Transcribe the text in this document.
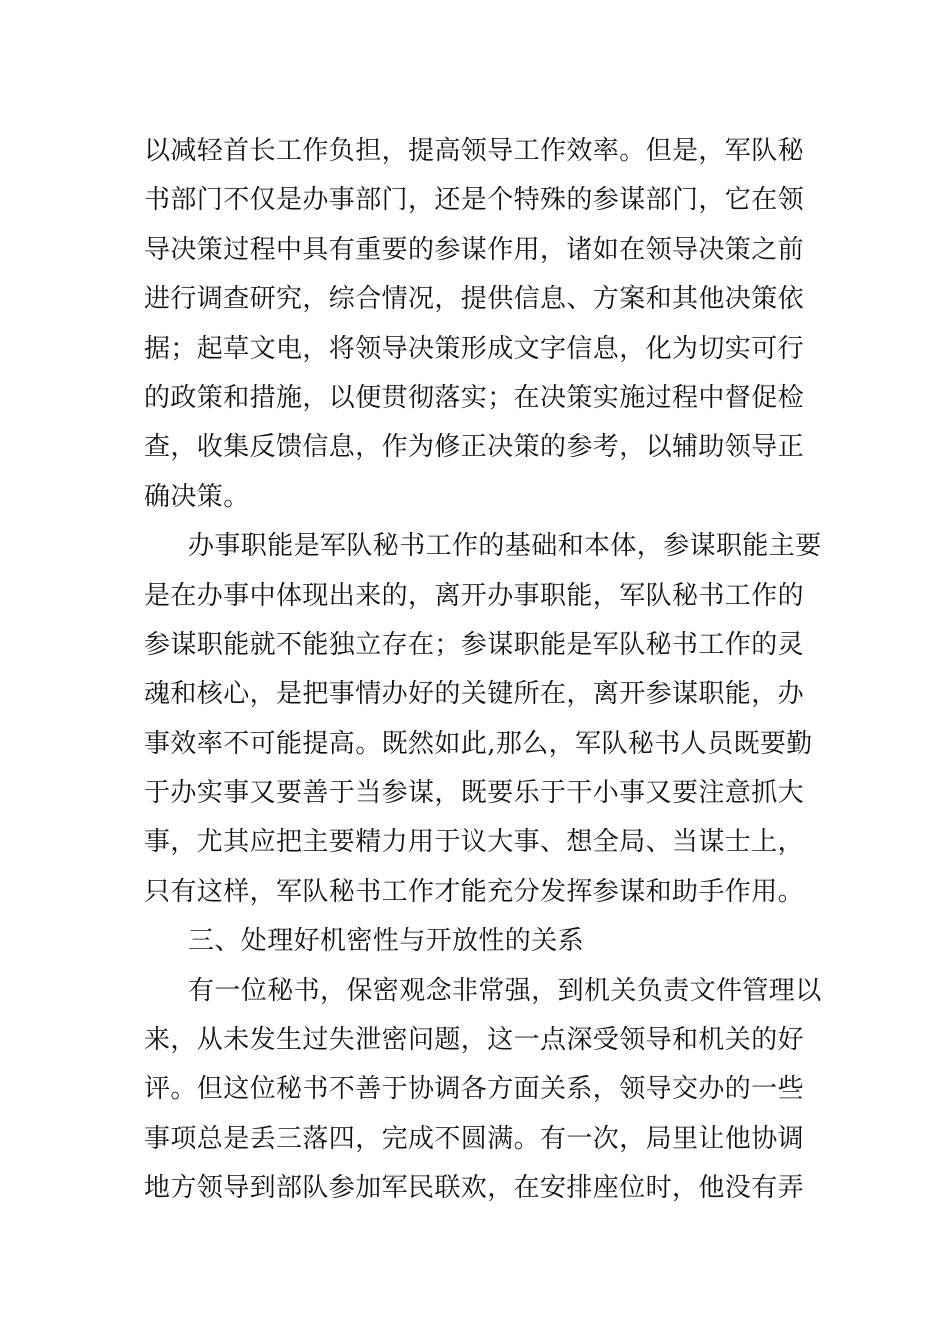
以减轻首长工作负担，提高领导工作效率。但是，军队秘
书部门不仅是办事部门，还是个特殊的参谋部门，它在领
导决策过程中具有重要的参谋作用，诸如在领导决策之前
进行调查研究，综合情况，提供信息、方案和其他决策依
据；起草文电，将领导决策形成文字信息，化为切实可行
的政策和措施，以便贯彻落实；在决策实施过程中督促检
查，收集反馈信息，作为修正决策的参考，以辅助领导正
确决策。
办事职能是军队秘书工作的基础和本体，参谋职能主要
是在办事中体现出来的，离开办事职能，军队秘书工作的
参谋职能就不能独立存在；参谋职能是军队秘书工作的灵
魂和核心，是把事情办好的关键所在，离开参谋职能，办
事效率不可能提高。既然如此,那么，军队秘书人员既要勤
于办实事又要善于当参谋，既要乐于干小事又要注意抓大
事，尤其应把主要精力用于议大事、想全局、当谋士上，
只有这样，军队秘书工作才能充分发挥参谋和助手作用。
三、处理好机密性与开放性的关系
有一位秘书，保密观念非常强，到机关负责文件管理以
来，从未发生过失泄密问题，这一点深受领导和机关的好
评。但这位秘书不善于协调各方面关系，领导交办的一些
事项总是丢三落四，完成不圆满。有一次，局里让他协调
地方领导到部队参加军民联欢，在安排座位时，他没有弄
